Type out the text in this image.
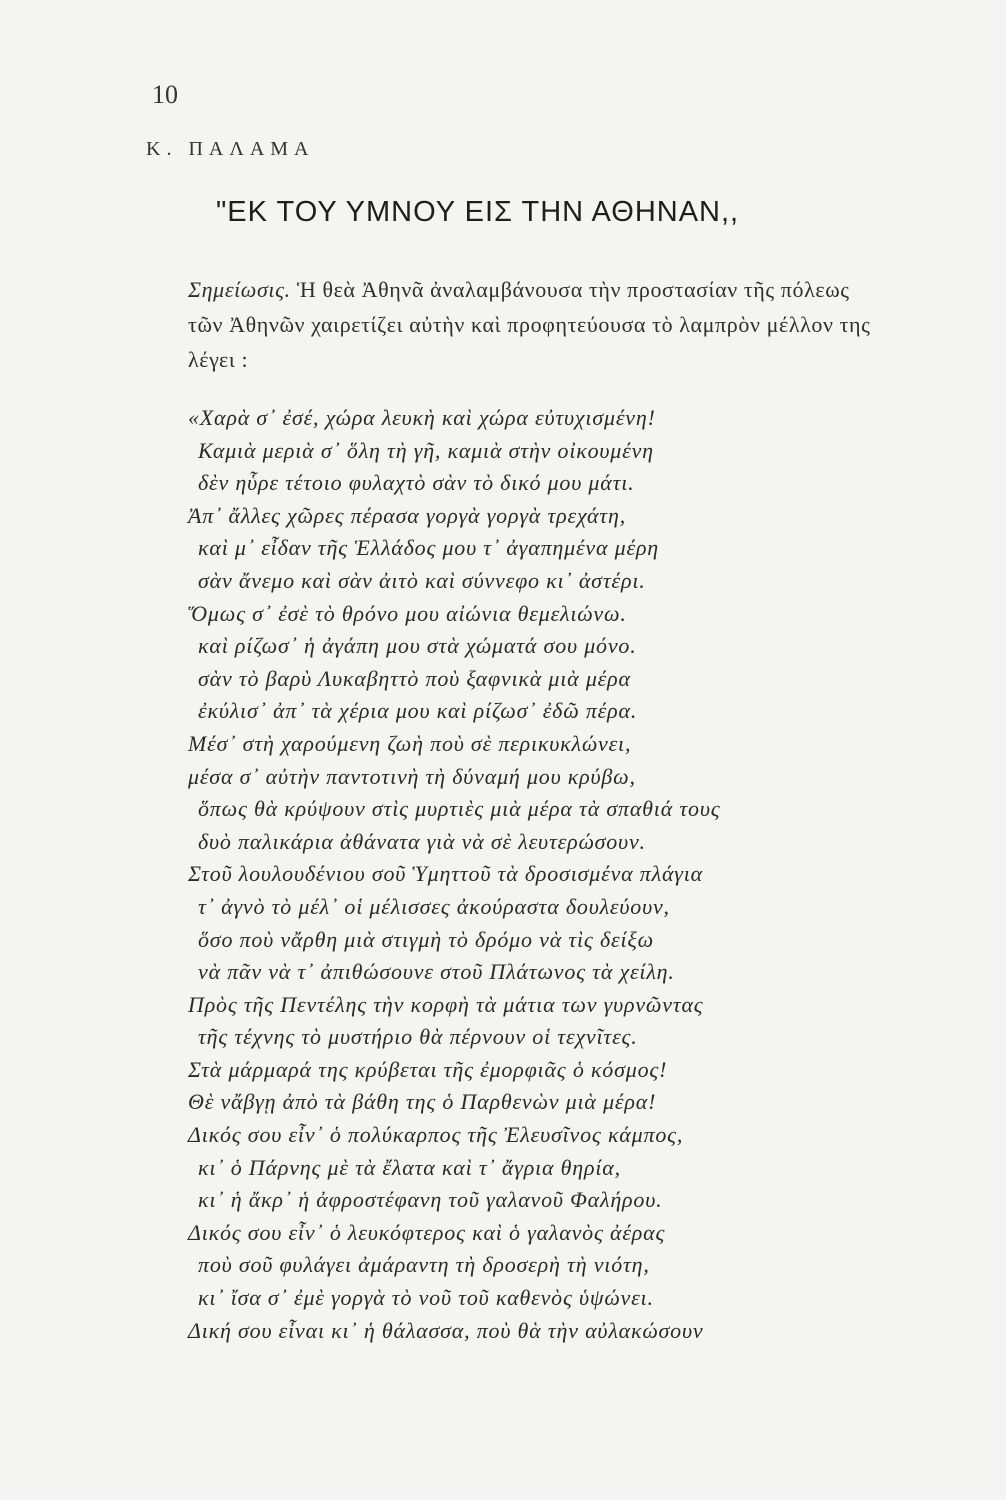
10
Κ. ΠΑΛΑΜΑ
"ΕΚ ΤΟΥ ΥΜΝΟΥ ΕΙΣ ΤΗΝ ΑΘΗΝΑΝ,,
Σημείωσις. Ἡ θεὰ Ἀθηνᾶ ἀναλαμβάνουσα τὴν προστασίαν τῆς πόλεως τῶν Ἀθηνῶν χαιρετίζει αὐτὴν καὶ προφητεύουσα τὸ λαμπρὸν μέλλον της λέγει :
«Χαρὰ σ᾽ ἐσέ, χώρα λευκὴ καὶ χώρα εὐτυχισμένη!
Καμιὰ μεριὰ σ᾽ ὅλη τὴ γῆ, καμιὰ στὴν οἰκουμένη
δὲν ηὗρε τέτοιο φυλαχτὸ σὰν τὸ δικό μου μάτι.
Ἀπ᾽ ἄλλες χῶρες πέρασα γοργὰ γοργὰ τρεχάτη,
καὶ μ᾽ εἶδαν τῆς Ἑλλάδος μου τ᾽ ἀγαπημένα μέρη
σὰν ἄνεμο καὶ σὰν ἀιτὸ καὶ σύννεφο κι᾽ ἀστέρι.
Ὅμως σ᾽ ἐσὲ τὸ θρόνο μου αἰώνια θεμελιώνω.
καὶ ρίζωσ᾽ ἡ ἀγάπη μου στὰ χώματά σου μόνο.
σὰν τὸ βαρὺ Λυκαβηττὸ ποὺ ξαφνικὰ μιὰ μέρα
ἐκύλισ᾽ ἀπ᾽ τὰ χέρια μου καὶ ρίζωσ᾽ ἐδῶ πέρα.
Μέσ᾽ στὴ χαρούμενη ζωὴ ποὺ σὲ περικυκλώνει,
μέσα σ᾽ αὐτὴν παντοτινὴ τὴ δύναμή μου κρύβω,
ὅπως θὰ κρύψουν στὶς μυρτιὲς μιὰ μέρα τὰ σπαθιά τους
δυὸ παλικάρια ἀθάνατα γιὰ νὰ σὲ λευτερώσουν.
Στοῦ λουλουδένιου σοῦ Ὑμηττοῦ τὰ δροσισμένα πλάγια
τ᾽ ἀγνὸ τὸ μέλ᾽ οἱ μέλισσες ἀκούραστα δουλεύουν,
ὅσο ποὺ νἄρθη μιὰ στιγμὴ τὸ δρόμο νὰ τὶς δείξω
νὰ πᾶν νὰ τ᾽ ἀπιθώσουνε στοῦ Πλάτωνος τὰ χείλη.
Πρὸς τῆς Πεντέλης τὴν κορφὴ τὰ μάτια των γυρνῶντας
τῆς τέχνης τὸ μυστήριο θὰ πέρνουν οἱ τεχνῖτες.
Στὰ μάρμαρά της κρύβεται τῆς ἐμορφιᾶς ὁ κόσμος!
Θὲ νἄβγῃ ἀπὸ τὰ βάθη της ὁ Παρθενὼν μιὰ μέρα!
Δικός σου εἶν᾽ ὁ πολύκαρπος τῆς Ἐλευσῖνος κάμπος,
κι᾽ ὁ Πάρνης μὲ τὰ ἔλατα καὶ τ᾽ ἄγρια θηρία,
κι᾽ ἡ ἄκρ᾽ ἡ ἀφροστέφανη τοῦ γαλανοῦ Φαλήρου.
Δικός σου εἶν᾽ ὁ λευκόφτερος καὶ ὁ γαλανὸς ἀέρας
ποὺ σοῦ φυλάγει ἀμάραντη τὴ δροσερὴ τὴ νιότη,
κι᾽ ἴσα σ᾽ ἐμὲ γοργὰ τὸ νοῦ τοῦ καθενὸς ὑψώνει.
Δική σου εἶναι κι᾽ ἡ θάλασσα, ποὺ θὰ τὴν αὐλακώσουν
